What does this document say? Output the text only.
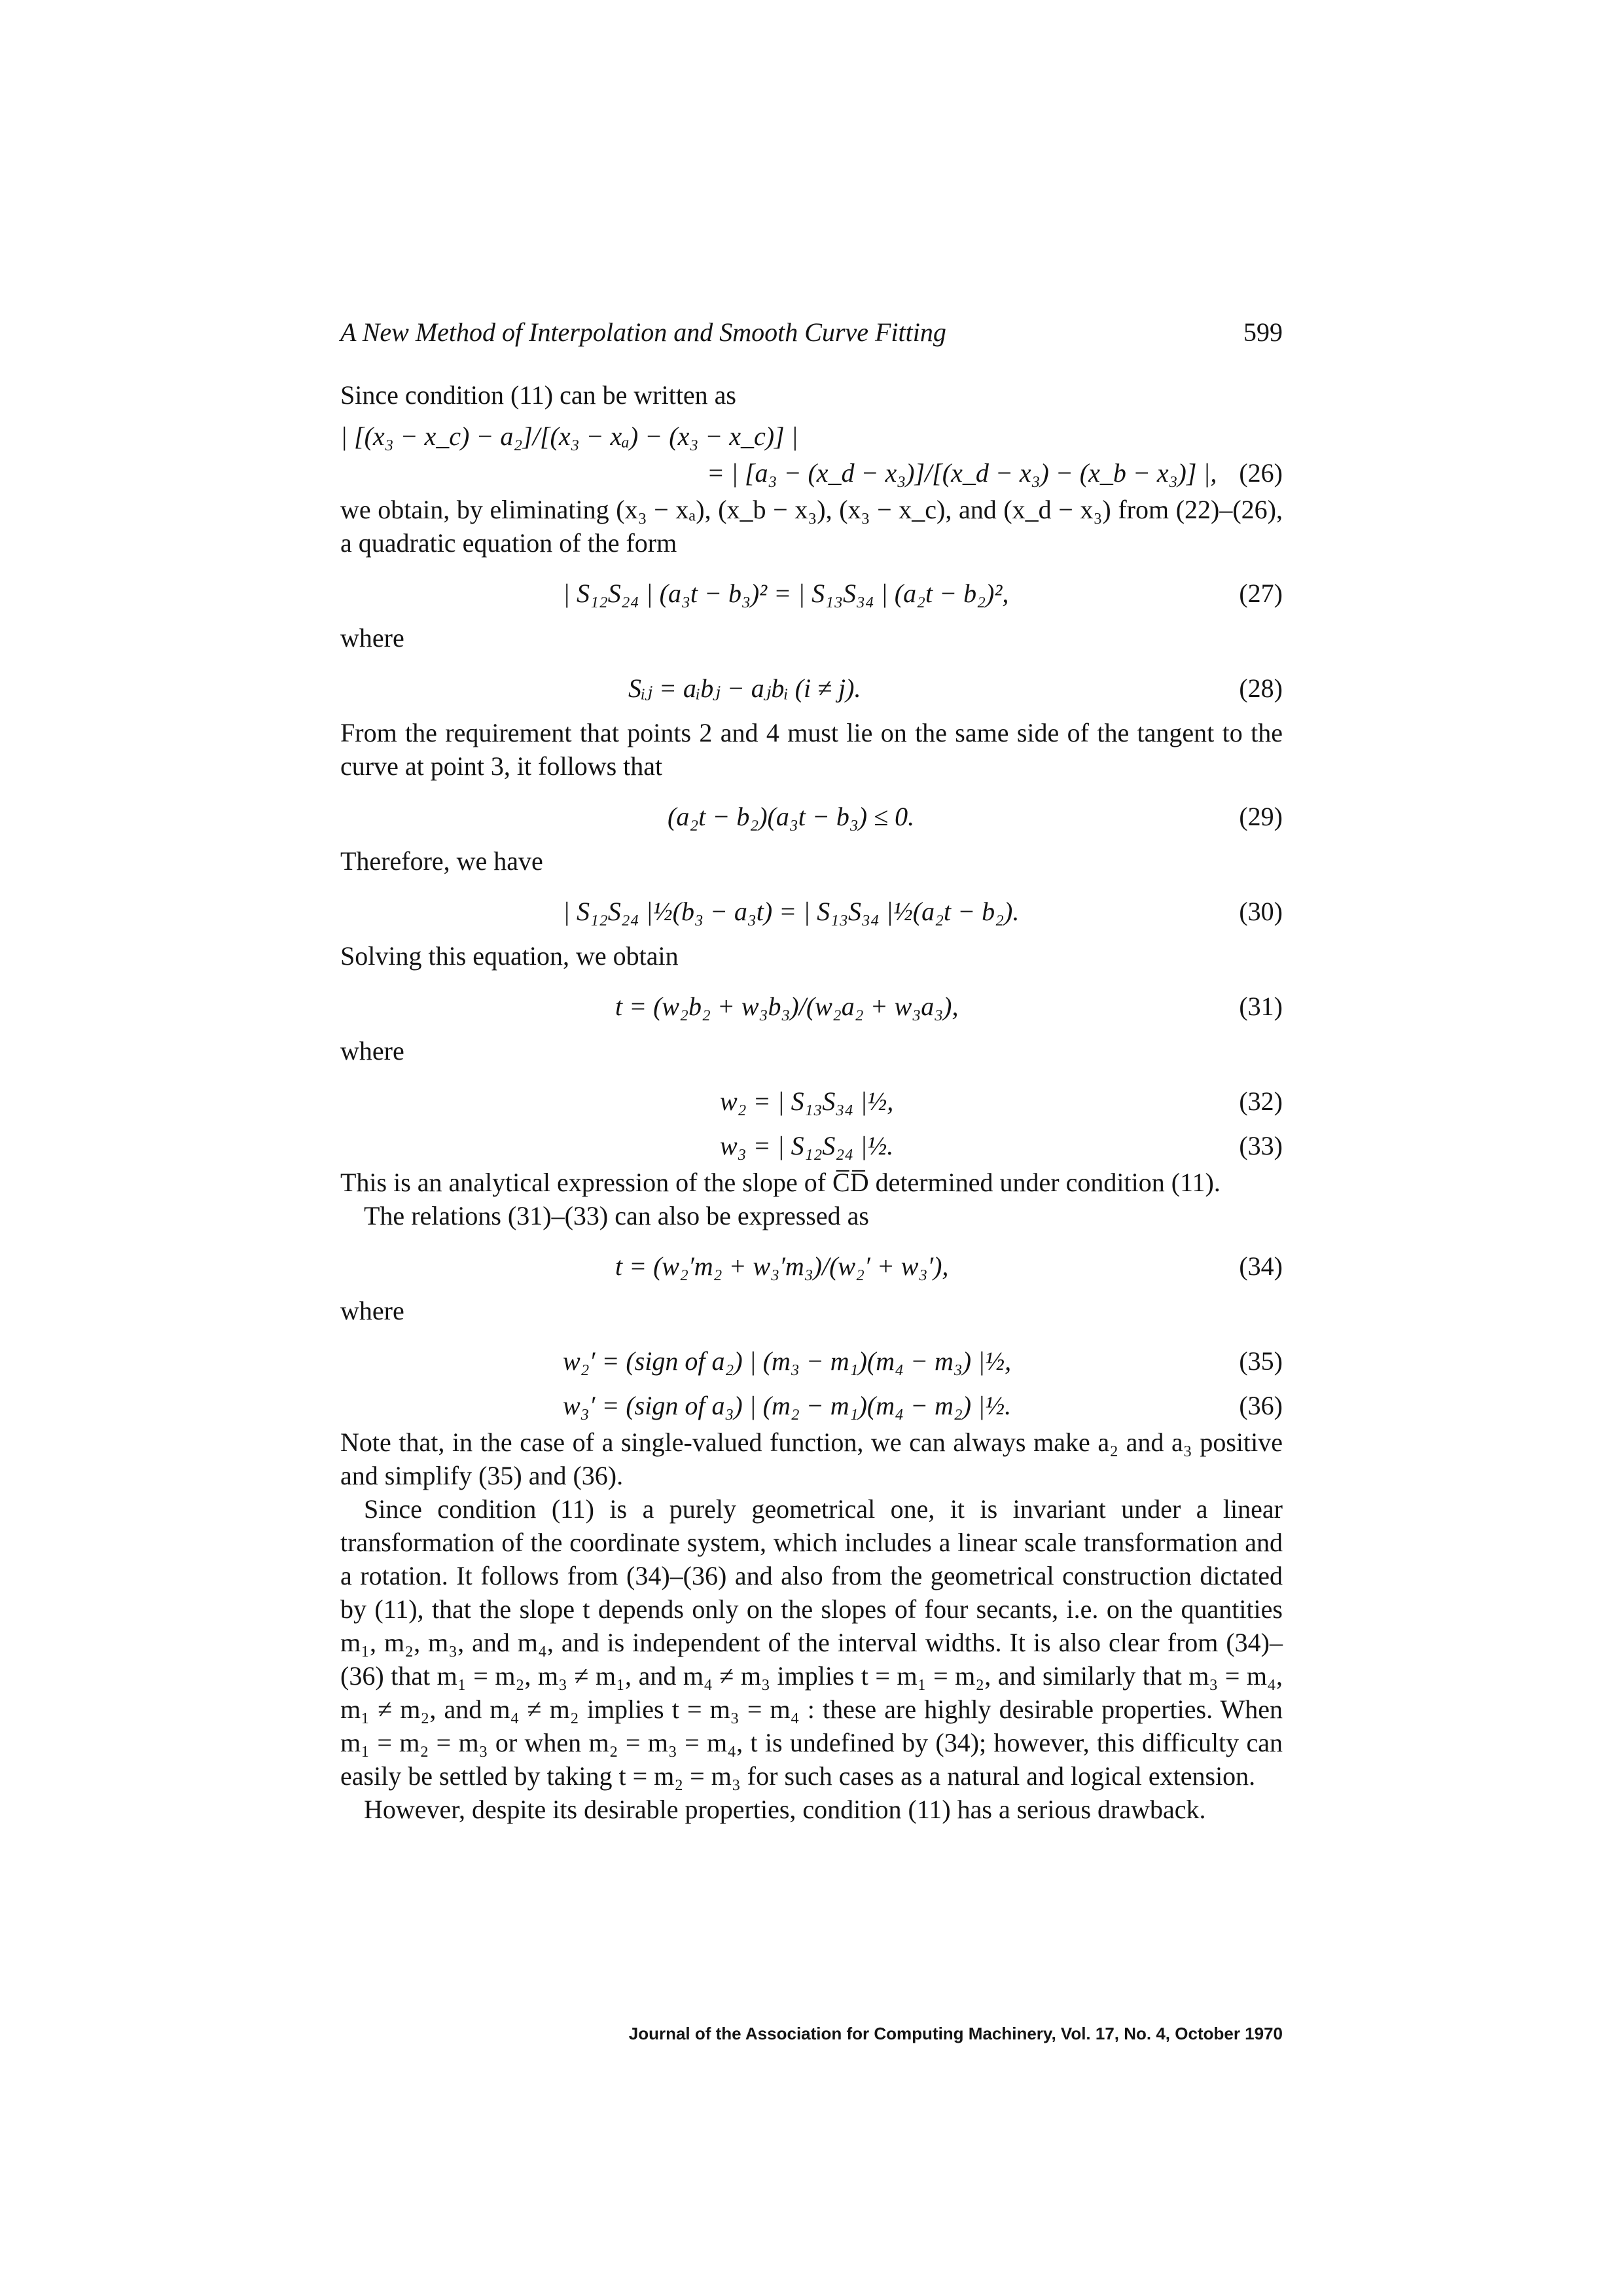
A New Method of Interpolation and Smooth Curve Fitting	599

Since condition (11) can be written as

| [(x₃ − x_c) − a₂]/[(x₃ − xₐ) − (x₃ − x_c)] |
= | [a₃ − (x_d − x₃)]/[(x_d − x₃) − (x_b − x₃)] |, (26)

we obtain, by eliminating (x₃ − xₐ), (x_b − x₃), (x₃ − x_c), and (x_d − x₃) from (22)–(26), a quadratic equation of the form

| S₁₂S₂₄ | (a₃t − b₃)² = | S₁₃S₃₄ | (a₂t − b₂)²,	(27)

where

Sᵢⱼ = aᵢbⱼ − aⱼbᵢ (i ≠ j).	(28)

From the requirement that points 2 and 4 must lie on the same side of the tangent to the curve at point 3, it follows that

(a₂t − b₂)(a₃t − b₃) ≤ 0.	(29)

Therefore, we have

| S₁₂S₂₄ |½(b₃ − a₃t) = | S₁₃S₃₄ |½(a₂t − b₂).	(30)

Solving this equation, we obtain

t = (w₂b₂ + w₃b₃)/(w₂a₂ + w₃a₃),	(31)

where

w₂ = | S₁₃S₃₄ |½,	(32)
w₃ = | S₁₂S₂₄ |½.	(33)

This is an analytical expression of the slope of C̅D̅ determined under condition (11).

The relations (31)–(33) can also be expressed as

t = (w₂′m₂ + w₃′m₃)/(w₂′ + w₃′),	(34)

where

w₂′ = (sign of a₂) | (m₃ − m₁)(m₄ − m₃) |½,	(35)
w₃′ = (sign of a₃) | (m₂ − m₁)(m₄ − m₂) |½.	(36)

Note that, in the case of a single-valued function, we can always make a₂ and a₃ positive and simplify (35) and (36).

Since condition (11) is a purely geometrical one, it is invariant under a linear transformation of the coordinate system, which includes a linear scale transformation and a rotation. It follows from (34)–(36) and also from the geometrical construction dictated by (11), that the slope t depends only on the slopes of four secants, i.e. on the quantities m₁, m₂, m₃, and m₄, and is independent of the interval widths. It is also clear from (34)–(36) that m₁ = m₂, m₃ ≠ m₁, and m₄ ≠ m₃ implies t = m₁ = m₂, and similarly that m₃ = m₄, m₁ ≠ m₂, and m₄ ≠ m₂ implies t = m₃ = m₄ : these are highly desirable properties. When m₁ = m₂ = m₃ or when m₂ = m₃ = m₄, t is undefined by (34); however, this difficulty can easily be settled by taking t = m₂ = m₃ for such cases as a natural and logical extension.

However, despite its desirable properties, condition (11) has a serious drawback.

Journal of the Association for Computing Machinery, Vol. 17, No. 4, October 1970
